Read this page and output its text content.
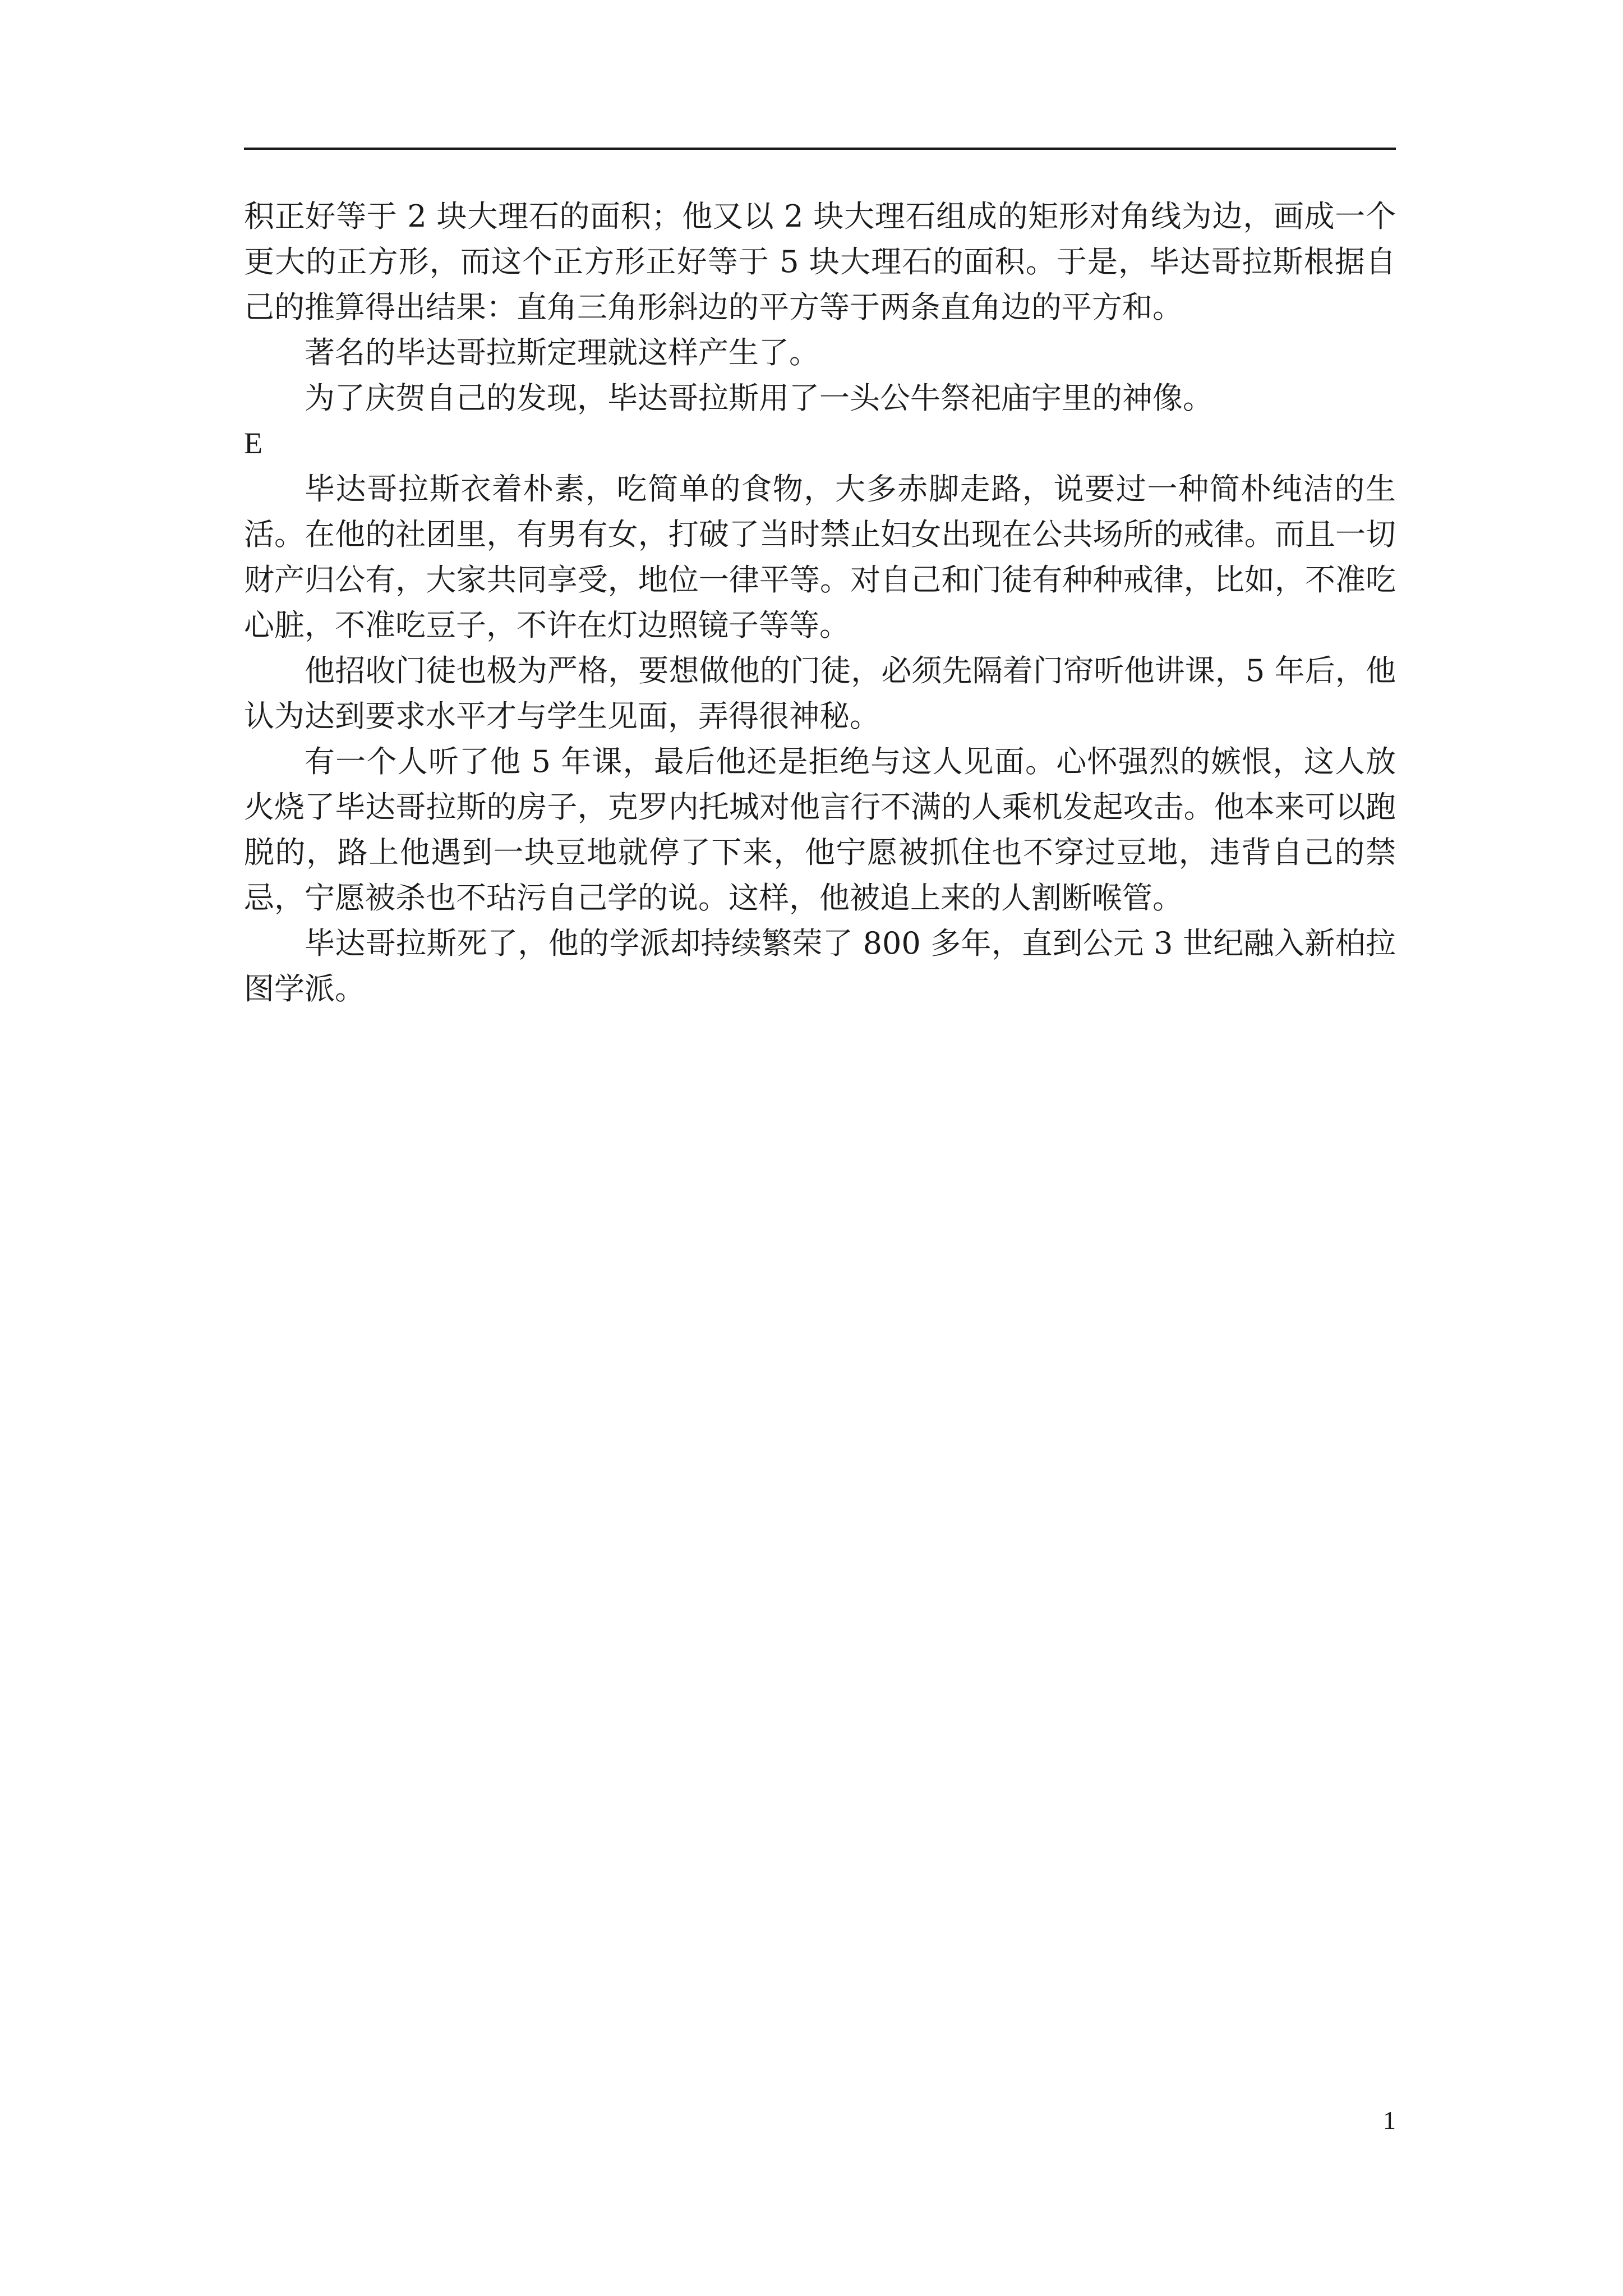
积正好等于 2 块大理石的面积；他又以 2 块大理石组成的矩形对角线为边，画成一个更大的正方形，而这个正方形正好等于 5 块大理石的面积。于是，毕达哥拉斯根据自己的推算得出结果：直角三角形斜边的平方等于两条直角边的平方和。

著名的毕达哥拉斯定理就这样产生了。

为了庆贺自己的发现，毕达哥拉斯用了一头公牛祭祀庙宇里的神像。

E

毕达哥拉斯衣着朴素，吃简单的食物，大多赤脚走路，说要过一种简朴纯洁的生活。在他的社团里，有男有女，打破了当时禁止妇女出现在公共场所的戒律。而且一切财产归公有，大家共同享受，地位一律平等。对自己和门徒有种种戒律，比如，不准吃心脏，不准吃豆子，不许在灯边照镜子等等。

他招收门徒也极为严格，要想做他的门徒，必须先隔着门帘听他讲课，5 年后，他认为达到要求水平才与学生见面，弄得很神秘。

有一个人听了他 5 年课，最后他还是拒绝与这人见面。心怀强烈的嫉恨，这人放火烧了毕达哥拉斯的房子，克罗内托城对他言行不满的人乘机发起攻击。他本来可以跑脱的，路上他遇到一块豆地就停了下来，他宁愿被抓住也不穿过豆地，违背自己的禁忌，宁愿被杀也不玷污自己学的说。这样，他被追上来的人割断喉管。

毕达哥拉斯死了，他的学派却持续繁荣了 800 多年，直到公元 3 世纪融入新柏拉图学派。

1
